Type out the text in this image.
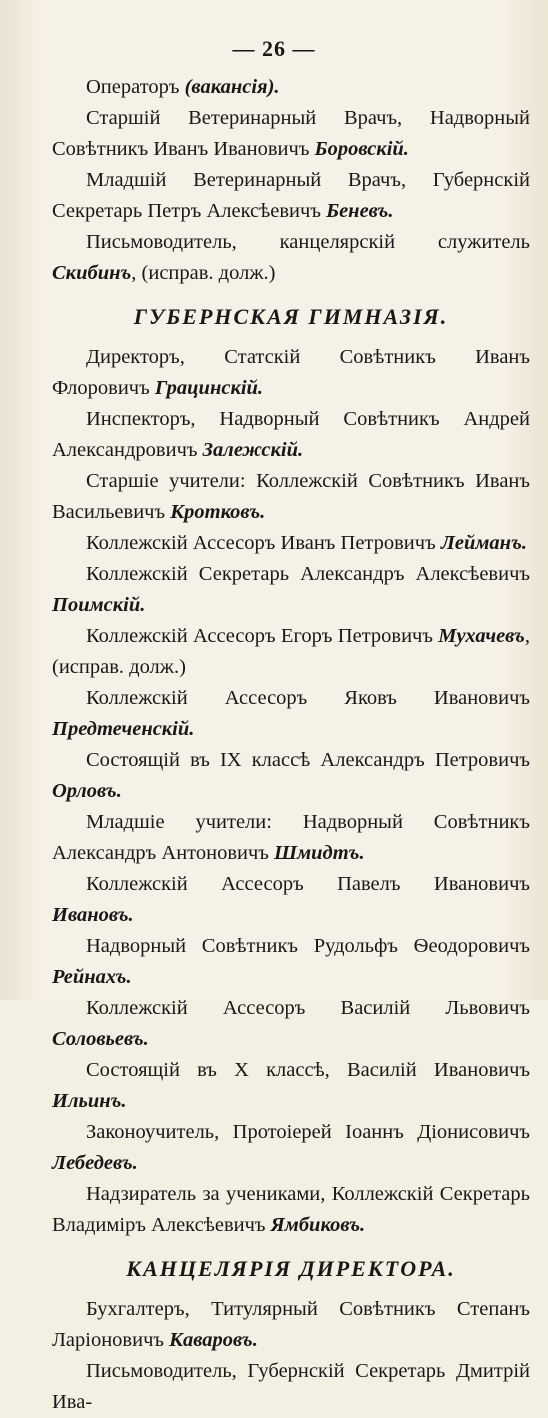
— 26 —

Операторъ (вакансія).

Старшій Ветеринарный Врачъ, Надворный Совѣтникъ Иванъ Ивановичъ Боровскій.

Младшій Ветеринарный Врачъ, Губернскій Секретарь Петръ Алексѣевичъ Беневъ.

Письмоводитель, канцелярскій служитель Скибинъ, (исправ. долж.)

ГУБЕРНСКАЯ ГИМНАЗІЯ.

Директоръ, Статскій Совѣтникъ Иванъ Флоровичъ Грацинскій.

Инспекторъ, Надворный Совѣтникъ Андрей Александровичъ Залежскій.

Старшіе учители: Коллежскій Совѣтникъ Иванъ Васильевичъ Кротковъ.

Коллежскій Ассесоръ Иванъ Петровичъ Лейманъ.

Коллежскій Секретарь Александръ Алексѣевичъ Поимскій.

Коллежскій Ассесоръ Егоръ Петровичъ Мухачевъ, (исправ. долж.)

Коллежскій Ассесоръ Яковъ Ивановичъ Предтеченскій.

Состоящій въ IX классѣ Александръ Петровичъ Орловъ.

Младшіе учители: Надворный Совѣтникъ Александръ Антоновичъ Шмидтъ.

Коллежскій Ассесоръ Павелъ Ивановичъ Ивановъ.

Надворный Совѣтникъ Рудольфъ Ѳеодоровичъ Рейнахъ.

Коллежскій Ассесоръ Василій Львовичъ Соловьевъ.

Состоящій въ X классѣ, Василій Ивановичъ Ильинъ.

Законоучитель, Протоіерей Іоаннъ Діонисовичъ Лебедевъ.

Надзиратель за учениками, Коллежскій Секретарь Владиміръ Алексѣевичъ Ямбиковъ.

КАНЦЕЛЯРІЯ ДИРЕКТОРА.

Бухгалтеръ, Титулярный Совѣтникъ Степанъ Ларіоновичъ Каваровъ.

Письмоводитель, Губернскій Секретарь Дмитрій Ива-
